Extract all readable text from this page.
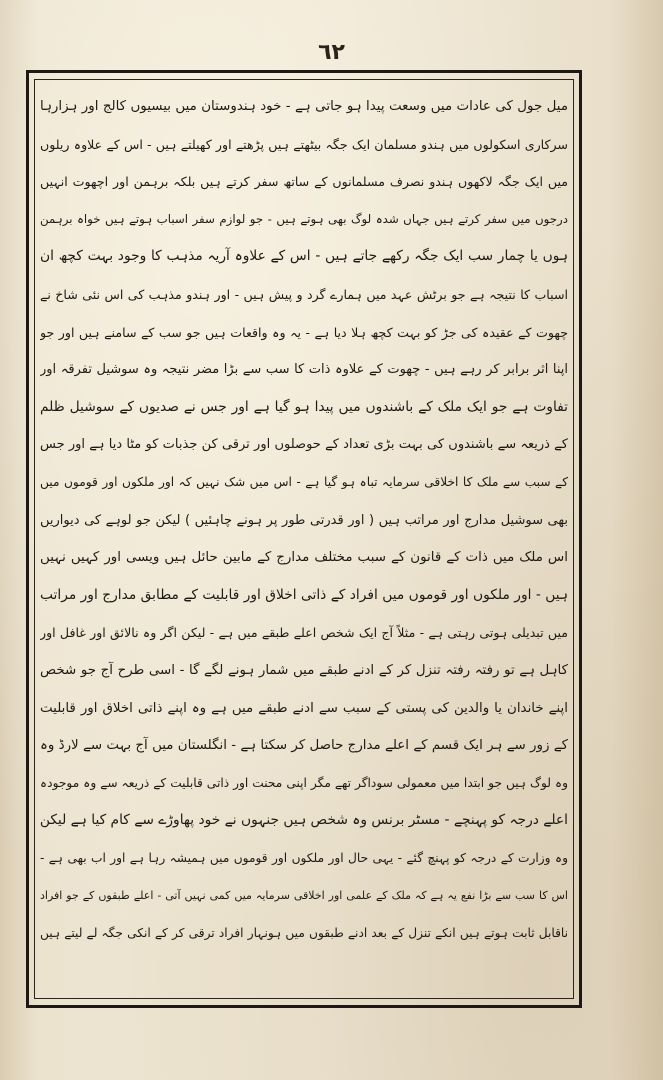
٦٢
میل جول کی عادات میں وسعت پیدا ہو جاتی ہے - خود ہندوستان میں بیسیوں کالج اور ہزارہا
سرکاری اسکولوں میں ہندو مسلمان ایک جگہ بیٹھتے ہیں پڑھتے اور کھیلتے ہیں - اس کے علاوہ ریلوں
میں ایک جگہ لاکھوں ہندو نصرف مسلمانوں کے ساتھ سفر کرتے ہیں بلکہ برہمن اور اچھوت انہیں
درجوں میں سفر کرتے ہیں جہاں شدہ لوگ بھی ہوتے ہیں - جو لوازم سفر اسباب ہوتے ہیں خواہ برہمن
ہوں یا چمار سب ایک جگہ رکھے جاتے ہیں - اس کے علاوہ آریہ مذہب کا وجود بہت کچھ ان
اسباب کا نتیجہ ہے جو برٹش عہد میں ہمارے گرد و پیش ہیں - اور ہندو مذہب کی اس نئی شاخ نے
چھوت کے عقیدہ کی جڑ کو بہت کچھ ہلا دیا ہے - یہ وہ واقعات ہیں جو سب کے سامنے ہیں اور جو
اپنا اثر برابر کر رہے ہیں - چھوت کے علاوہ ذات کا سب سے بڑا مضر نتیجہ وہ سوشیل تفرقہ اور
تفاوت ہے جو ایک ملک کے باشندوں میں پیدا ہو گیا ہے اور جس نے صدیوں کے سوشیل ظلم
کے ذریعہ سے باشندوں کی بہت بڑی تعداد کے حوصلوں اور ترقی کن جذبات کو مٹا دیا ہے اور جس
کے سبب سے ملک کا اخلاقی سرمایہ تباہ ہو گیا ہے - اس میں شک نہیں کہ اور ملکوں اور قوموں میں
بھی سوشیل مدارج اور مراتب ہیں ( اور قدرتی طور پر ہونے چاہئیں ) لیکن جو لوہے کی دیواریں
اس ملک میں ذات کے قانون کے سبب مختلف مدارج کے مابین حائل ہیں ویسی اور کہیں نہیں
ہیں - اور ملکوں اور قوموں میں افراد کے ذاتی اخلاق اور قابلیت کے مطابق مدارج اور مراتب
میں تبدیلی ہوتی رہتی ہے - مثلاً آج ایک شخص اعلے طبقے میں ہے - لیکن اگر وہ نالائق اور غافل اور
کاہل ہے تو رفتہ رفتہ تنزل کر کے ادنے طبقے میں شمار ہونے لگے گا - اسی طرح آج جو شخص
اپنے خاندان یا والدین کی پستی کے سبب سے ادنے طبقے میں ہے وہ اپنے ذاتی اخلاق اور قابلیت
کے زور سے ہر ایک قسم کے اعلے مدارج حاصل کر سکتا ہے - انگلستان میں آج بہت سے لارڈ وہ
وہ لوگ ہیں جو ابتدا میں معمولی سوداگر تھے مگر اپنی محنت اور ذاتی قابلیت کے ذریعہ سے وہ موجودہ
اعلے درجہ کو پہنچے - مسٹر برنس وہ شخص ہیں جنہوں نے خود پھاوڑے سے کام کیا ہے لیکن
وہ وزارت کے درجہ کو پہنچ گئے - یہی حال اور ملکوں اور قوموں میں ہمیشہ رہا ہے اور اب بھی ہے -
اس کا سب سے بڑا نفع یہ ہے کہ ملک کے علمی اور اخلاقی سرمایہ میں کمی نہیں آتی - اعلے طبقوں کے جو افراد
ناقابل ثابت ہوتے ہیں انکے تنزل کے بعد ادنے طبقوں میں ہونہار افراد ترقی کر کے انکی جگہ لے لیتے ہیں
